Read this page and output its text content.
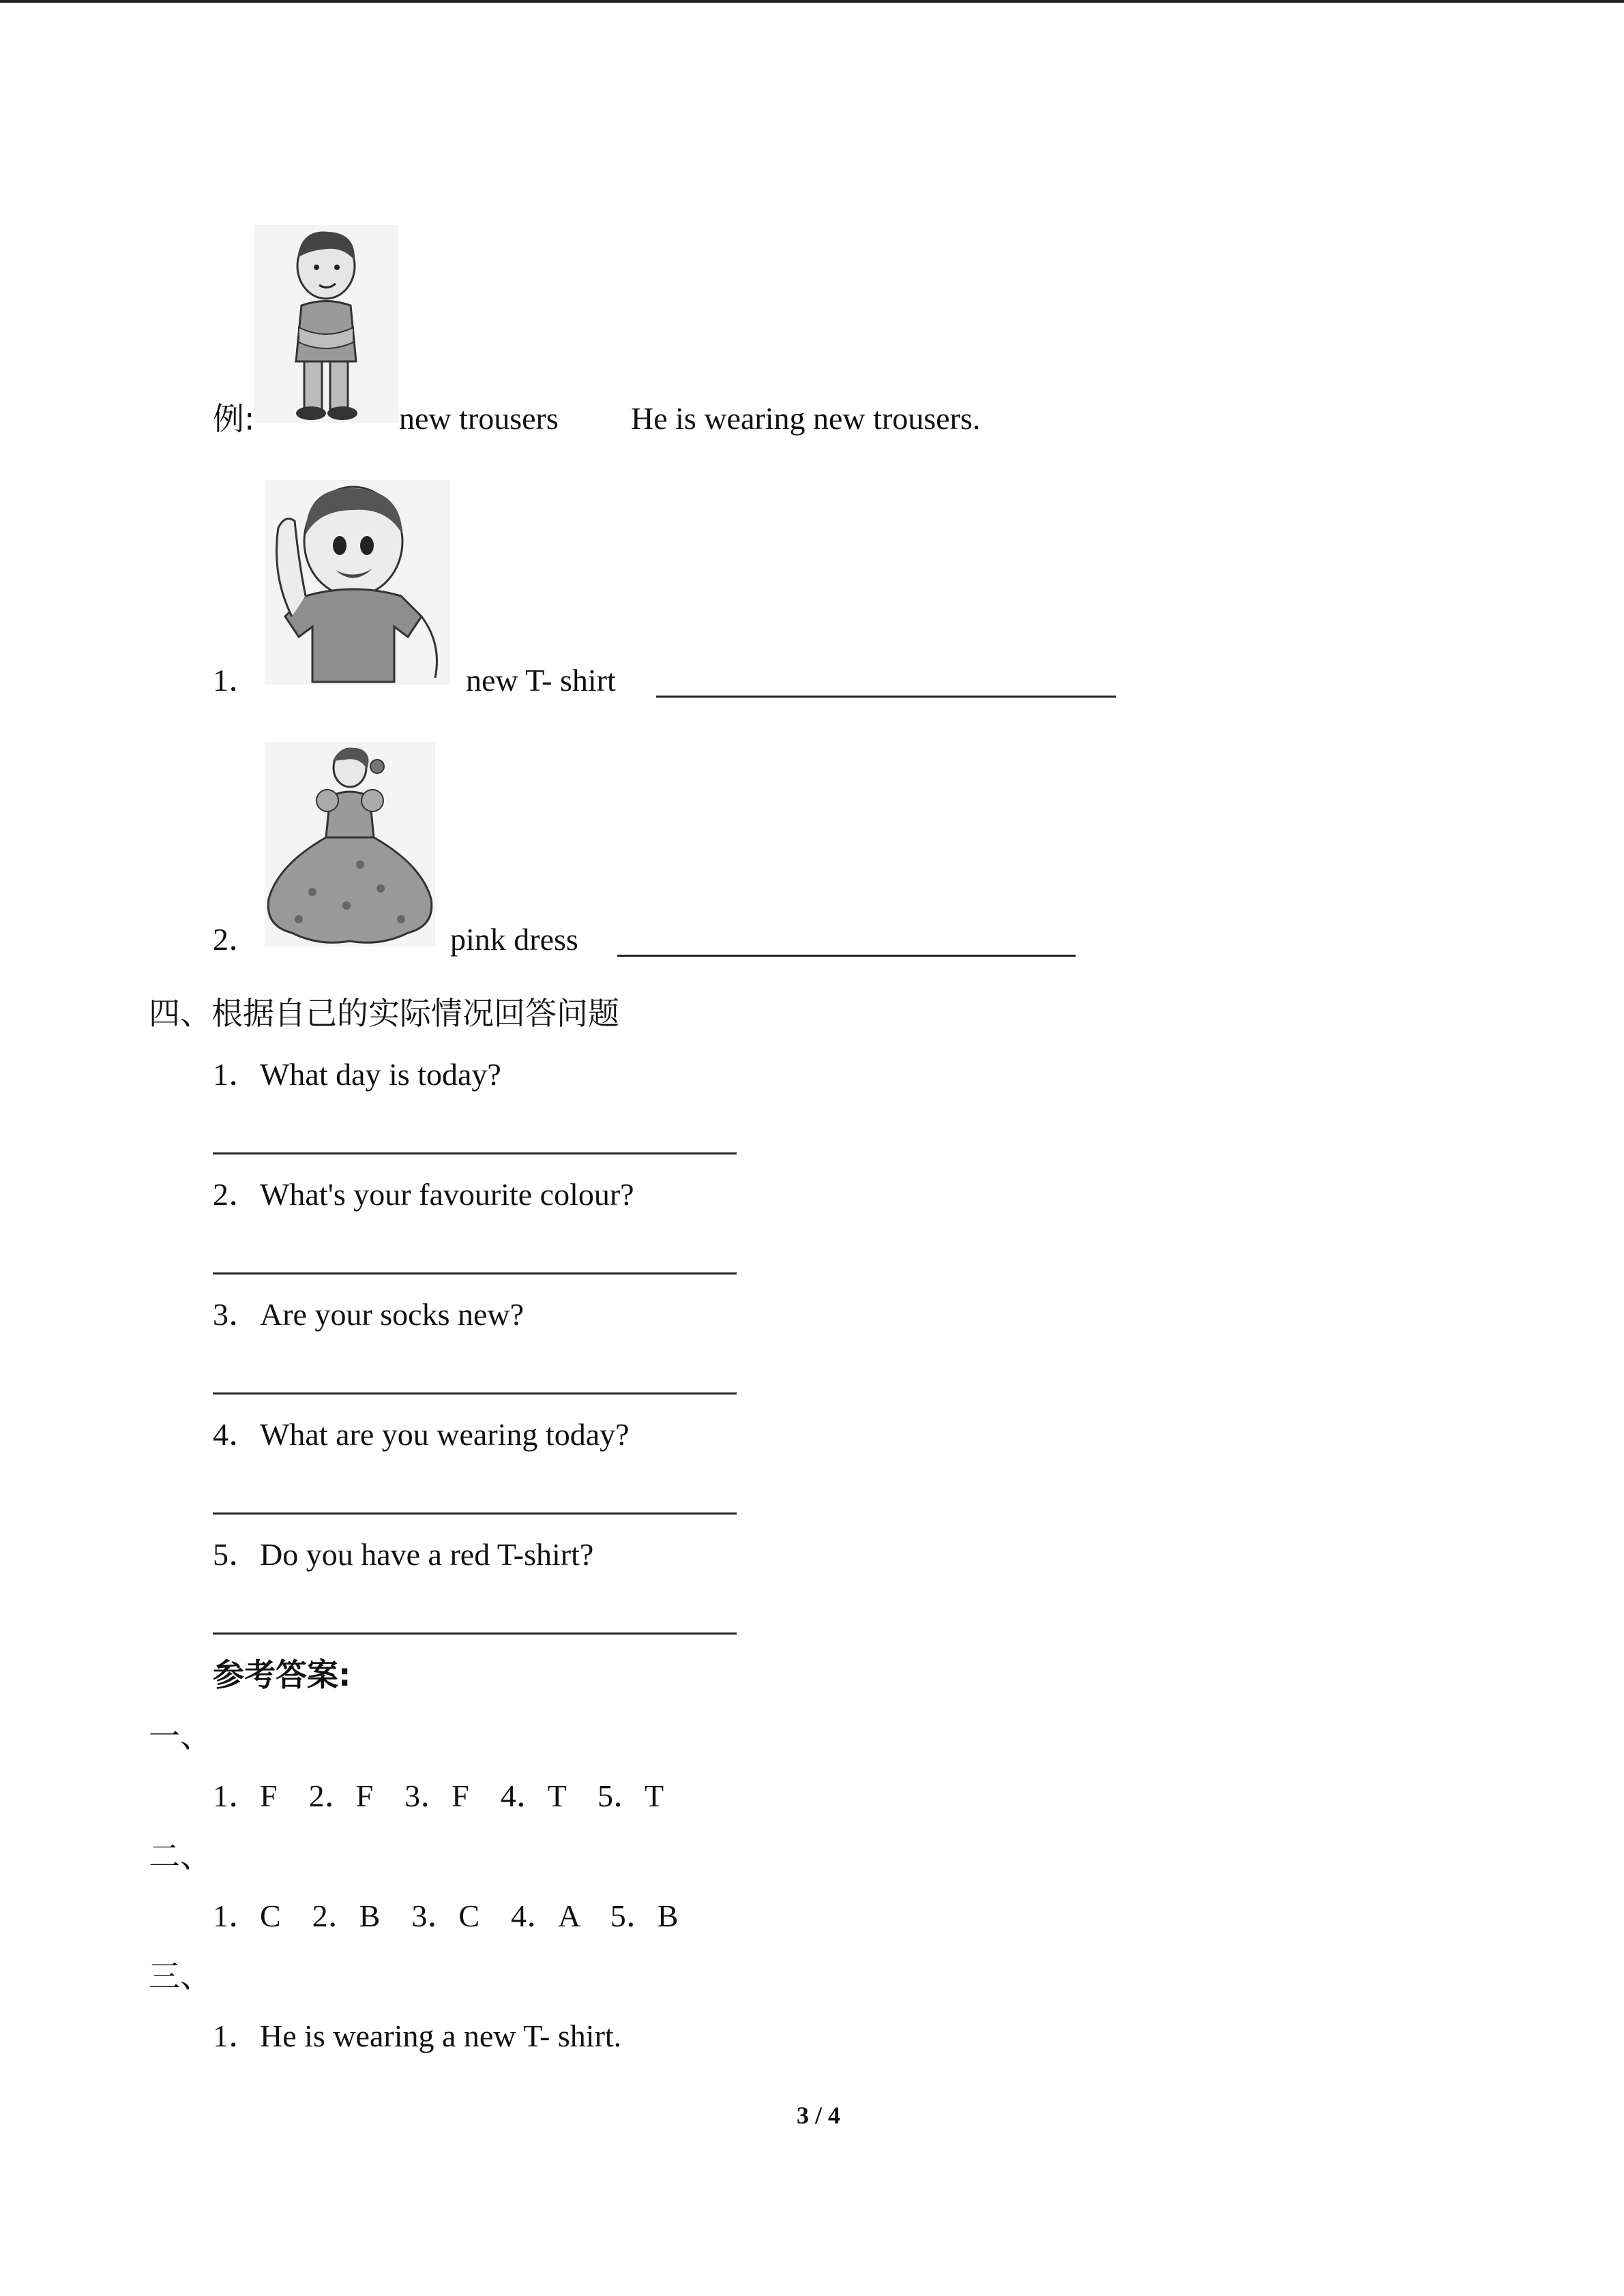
例:	new trousers He is wearing new trousers.
1．	new T- shirt
2．	pink dress
四、根据自己的实际情况回答问题
1．What day is today?
2．What's your favourite colour?
3．Are your socks new?
4．What are you wearing today?
5．Do you have a red T-shirt?
参考答案:
一、
1．F　2．F　3．F　4．T　5．T
二、
1．C　2．B　3．C　4．A　5．B
三、
1．He is wearing a new T- shirt.
3 / 4
